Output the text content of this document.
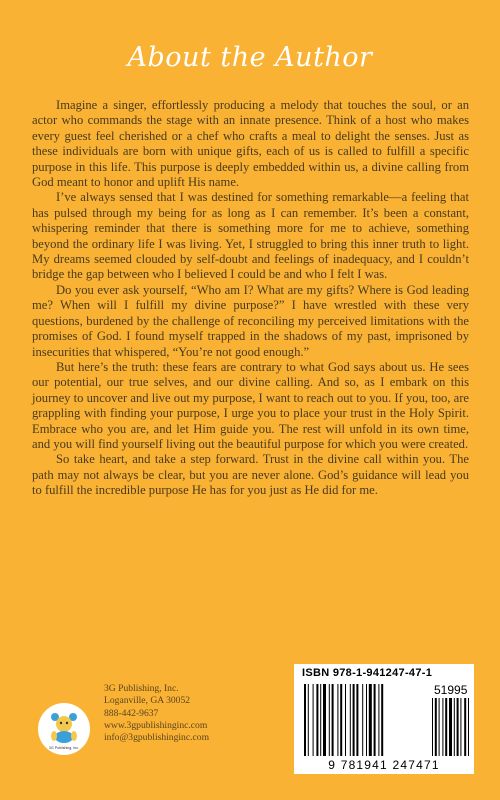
About the Author

Imagine a singer, effortlessly producing a melody that touches the soul, or an actor who commands the stage with an innate presence. Think of a host who makes every guest feel cherished or a chef who crafts a meal to delight the senses. Just as these individuals are born with unique gifts, each of us is called to fulfill a specific purpose in this life. This purpose is deeply embedded within us, a divine calling from God meant to honor and uplift His name.

I’ve always sensed that I was destined for something remarkable—a feeling that has pulsed through my being for as long as I can remember. It’s been a constant, whispering reminder that there is something more for me to achieve, something beyond the ordinary life I was living. Yet, I struggled to bring this inner truth to light. My dreams seemed clouded by self-doubt and feelings of inadequacy, and I couldn’t bridge the gap between who I believed I could be and who I felt I was.

Do you ever ask yourself, “Who am I? What are my gifts? Where is God leading me? When will I fulfill my divine purpose?” I have wrestled with these very questions, burdened by the challenge of reconciling my perceived limitations with the promises of God. I found myself trapped in the shadows of my past, imprisoned by insecurities that whispered, “You’re not good enough.”

But here’s the truth: these fears are contrary to what God says about us. He sees our potential, our true selves, and our divine calling. And so, as I embark on this journey to uncover and live out my purpose, I want to reach out to you. If you, too, are grappling with finding your purpose, I urge you to place your trust in the Holy Spirit. Embrace who you are, and let Him guide you. The rest will unfold in its own time, and you will find yourself living out the beautiful purpose for which you were created.

So take heart, and take a step forward. Trust in the divine call within you. The path may not always be clear, but you are never alone. God’s guidance will lead you to fulfill the incredible purpose He has for you just as He did for me.

3G Publishing, Inc.
3G Publishing, Inc.
Loganville, GA 30052
888-442-9637
www.3gpublishinginc.com
info@3gpublishinginc.com
ISBN 978-1-941247-47-1
51995
9 781941 247471
